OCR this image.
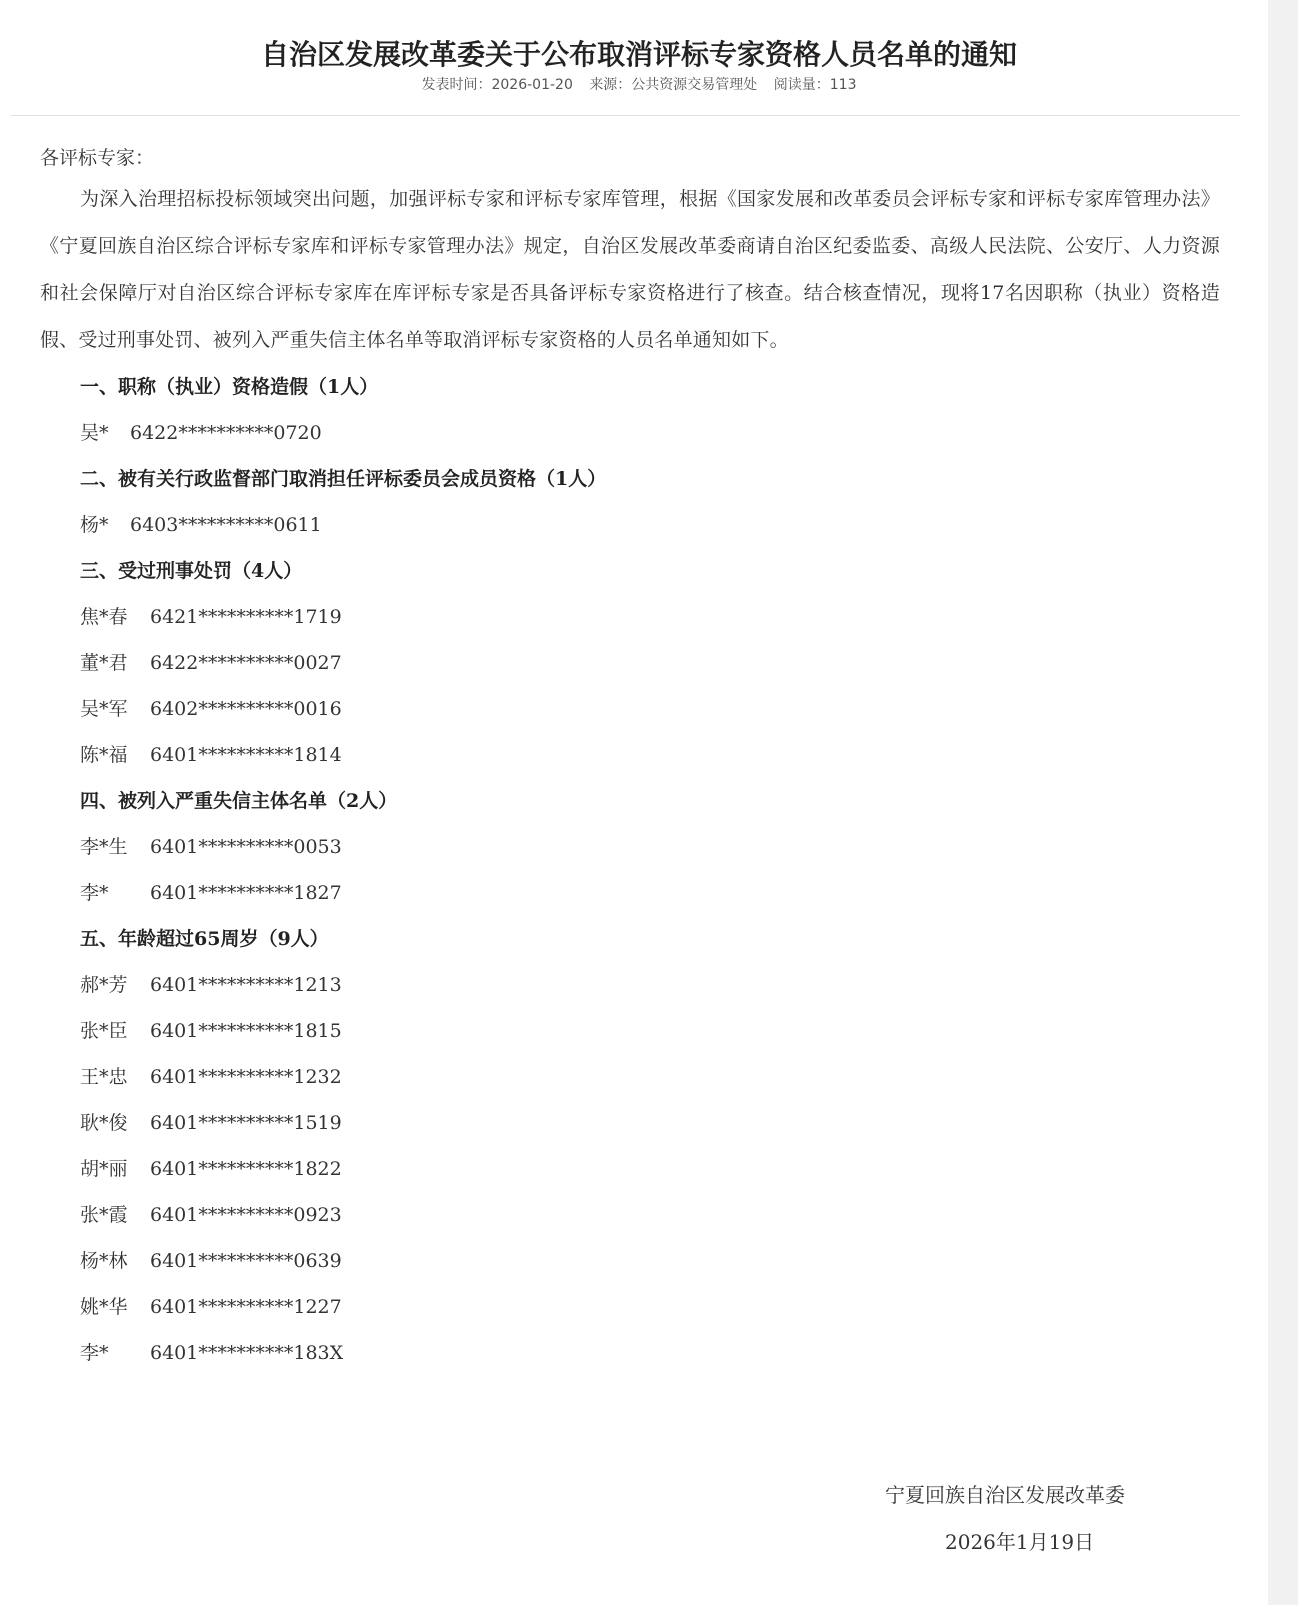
自治区发展改革委关于公布取消评标专家资格人员名单的通知
发表时间：2026-01-20 来源：公共资源交易管理处 阅读量：113

各评标专家：

为深入治理招标投标领域突出问题，加强评标专家和评标专家库管理，根据《国家发展和改革委员会评标专家和评标专家库管理办法》《宁夏回族自治区综合评标专家库和评标专家管理办法》规定，自治区发展改革委商请自治区纪委监委、高级人民法院、公安厅、人力资源和社会保障厅对自治区综合评标专家库在库评标专家是否具备评标专家资格进行了核查。结合核查情况，现将17名因职称（执业）资格造假、受过刑事处罚、被列入严重失信主体名单等取消评标专家资格的人员名单通知如下。

一、职称（执业）资格造假（1人）

吴*	6422**********0720

二、被有关行政监督部门取消担任评标委员会成员资格（1人）

杨*	6403**********0611

三、受过刑事处罚（4人）

焦*春	6421**********1719

董*君	6422**********0027

吴*军	6402**********0016

陈*福	6401**********1814

四、被列入严重失信主体名单（2人）

李*生	6401**********0053

李*	6401**********1827

五、年龄超过65周岁（9人）

郝*芳	6401**********1213

张*臣	6401**********1815

王*忠	6401**********1232

耿*俊	6401**********1519

胡*丽	6401**********1822

张*霞	6401**********0923

杨*林	6401**********0639

姚*华	6401**********1227

李*	6401**********183X

宁夏回族自治区发展改革委
2026年1月19日
